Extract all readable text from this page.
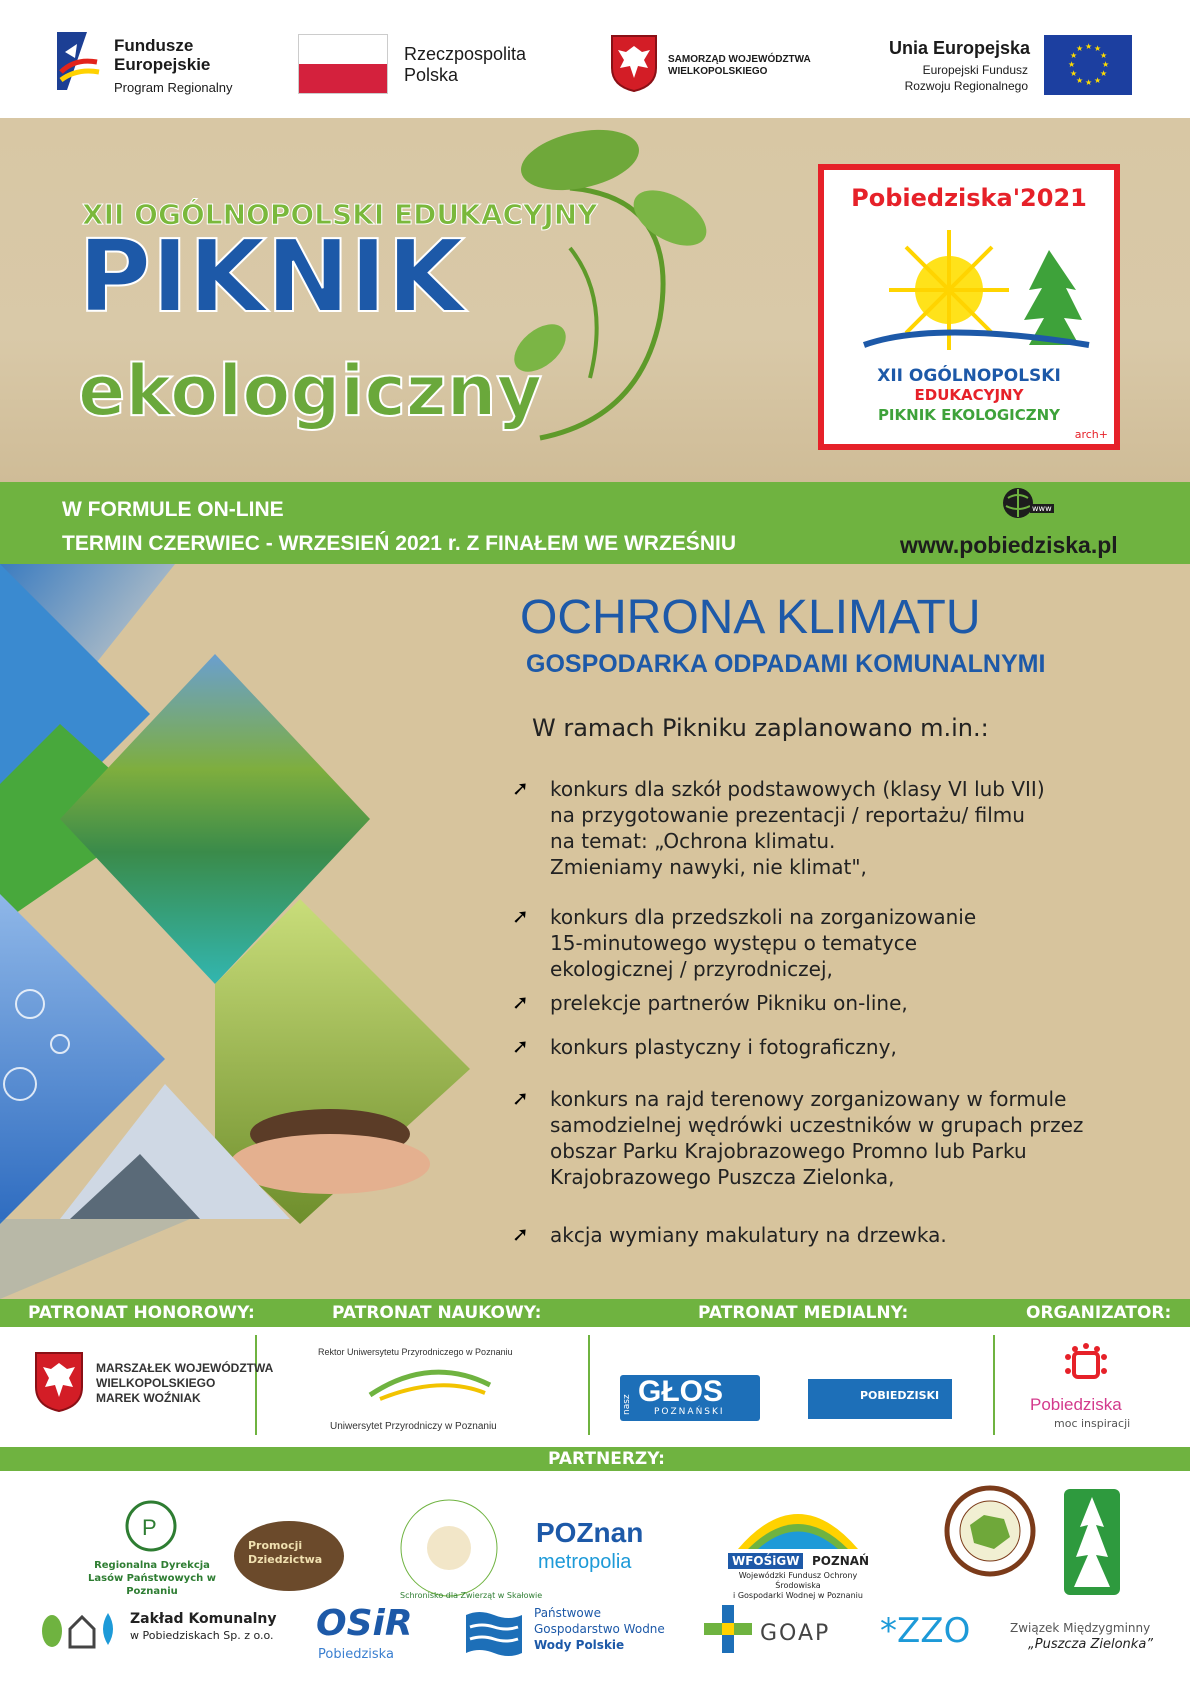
Fundusze
Europejskie
Program Regionalny
Rzeczpospolita
Polska
SAMORZĄD WOJEWÓDZTWA
WIELKOPOLSKIEGO
Unia Europejska
Europejski Fundusz
Rozwoju Regionalnego
★ ★
★
★
★
★
★
★
★
★
★
★
XII OGÓLNOPOLSKI EDUKACYJNY
PIKNIK
ekologiczny
Pobiedziska'2021
XII OGÓLNOPOLSKI
EDUKACYJNY
PIKNIK EKOLOGICZNY
arch+
W FORMULE ON-LINE
TERMIN CZERWIEC - WRZESIEŃ 2021 r. Z FINAŁEM WE WRZEŚNIU
www
www.pobiedziska.pl
OCHRONA KLIMATU
GOSPODARKA ODPADAMI KOMUNALNYMI
W ramach Pikniku zaplanowano m.in.:
➚ konkurs dla szkół podstawowych (klasy VI lub VII)
na przygotowanie prezentacji / reportażu/ filmu
na temat: „Ochrona klimatu.
Zmieniamy nawyki, nie klimat",
➚ konkurs dla przedszkoli na zorganizowanie
15-minutowego występu o tematyce
ekologicznej / przyrodniczej,
➚ prelekcje partnerów Pikniku on-line,
➚ konkurs plastyczny i fotograficzny,
➚ konkurs na rajd terenowy zorganizowany w formule
samodzielnej wędrówki uczestników w grupach przez
obszar Parku Krajobrazowego Promno lub Parku
Krajobrazowego Puszcza Zielonka,
➚ akcja wymiany makulatury na drzewka.
PATRONAT HONOROWY:	PATRONAT NAUKOWY:	PATRONAT MEDIALNY:	ORGANIZATOR:
MARSZAŁEK WOJEWÓDZTWA
WIELKOPOLSKIEGO
MAREK WOŹNIAK
Rektor Uniwersytetu Przyrodniczego w Poznaniu
Uniwersytet Przyrodniczy w Poznaniu
nasz GŁOS
POZNAŃSKI
POBIEDZISKI	Pobiedziska
moc inspiracji
PARTNERZY:
P
Regionalna Dyrekcja
Lasów Państwowych w Poznaniu
Promocji
Dziedzictwa
Schronisko dla Zwierząt w Skałowie
POZnan
metropolia	WFOŚiGW	POZNAŃ
Wojewódzki Fundusz Ochrony Środowiska
i Gospodarki Wodnej w Poznaniu
Zakład Komunalny
w Pobiedziskach Sp. z o.o. OSiR
Pobiedziska
Państwowe
Gospodarstwo Wodne
Wody Polskie	GOAP *ZZO	Związek Międzygminny
„Puszcza Zielonka”
